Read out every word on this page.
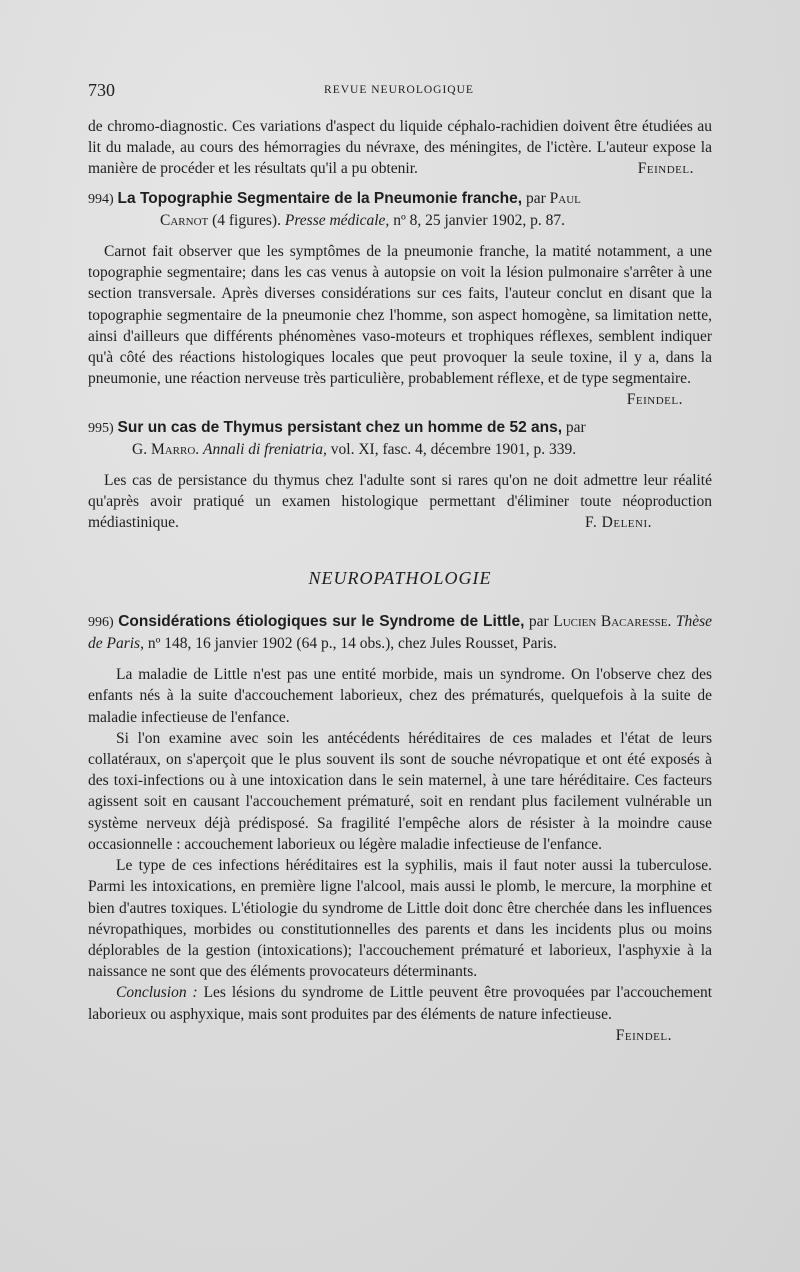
730	REVUE NEUROLOGIQUE

de chromo-diagnostic. Ces variations d'aspect du liquide céphalo-rachidien doivent être étudiées au lit du malade, au cours des hémorragies du névraxe, des méningites, de l'ictère. L'auteur expose la manière de procéder et les résultats qu'il a pu obtenir.	Feindel.

994) La Topographie Segmentaire de la Pneumonie franche, par Paul

Carnot (4 figures). Presse médicale, nº 8, 25 janvier 1902, p. 87.

Carnot fait observer que les symptômes de la pneumonie franche, la matité notamment, a une topographie segmentaire; dans les cas venus à autopsie on voit la lésion pulmonaire s'arrêter à une section transversale. Après diverses considérations sur ces faits, l'auteur conclut en disant que la topographie segmentaire de la pneumonie chez l'homme, son aspect homogène, sa limitation nette, ainsi d'ailleurs que différents phénomènes vaso-moteurs et trophiques réflexes, semblent indiquer qu'à côté des réactions histologiques locales que peut provoquer la seule toxine, il y a, dans la pneumonie, une réaction nerveuse très particulière, probablement réflexe, et de type segmentaire.

Feindel.

995) Sur un cas de Thymus persistant chez un homme de 52 ans, par

G. Marro. Annali di freniatria, vol. XI, fasc. 4, décembre 1901, p. 339.

Les cas de persistance du thymus chez l'adulte sont si rares qu'on ne doit admettre leur réalité qu'après avoir pratiqué un examen histologique permettant d'éliminer toute néoproduction médiastinique.	F. Deleni.

NEUROPATHOLOGIE

996) Considérations étiologiques sur le Syndrome de Little, par Lucien Bacaresse. Thèse de Paris, nº 148, 16 janvier 1902 (64 p., 14 obs.), chez Jules Rousset, Paris.

La maladie de Little n'est pas une entité morbide, mais un syndrome. On l'observe chez des enfants nés à la suite d'accouchement laborieux, chez des prématurés, quelquefois à la suite de maladie infectieuse de l'enfance.

Si l'on examine avec soin les antécédents héréditaires de ces malades et l'état de leurs collatéraux, on s'aperçoit que le plus souvent ils sont de souche névropatique et ont été exposés à des toxi-infections ou à une intoxication dans le sein maternel, à une tare héréditaire. Ces facteurs agissent soit en causant l'accouchement prématuré, soit en rendant plus facilement vulnérable un système nerveux déjà prédisposé. Sa fragilité l'empêche alors de résister à la moindre cause occasionnelle : accouchement laborieux ou légère maladie infectieuse de l'enfance.

Le type de ces infections héréditaires est la syphilis, mais il faut noter aussi la tuberculose. Parmi les intoxications, en première ligne l'alcool, mais aussi le plomb, le mercure, la morphine et bien d'autres toxiques. L'étiologie du syndrome de Little doit donc être cherchée dans les influences névropathiques, morbides ou constitutionnelles des parents et dans les incidents plus ou moins déplorables de la gestion (intoxications); l'accouchement prématuré et laborieux, l'asphyxie à la naissance ne sont que des éléments provocateurs déterminants.

Conclusion : Les lésions du syndrome de Little peuvent être provoquées par l'accouchement laborieux ou asphyxique, mais sont produites par des éléments de nature infectieuse.
Feindel.
